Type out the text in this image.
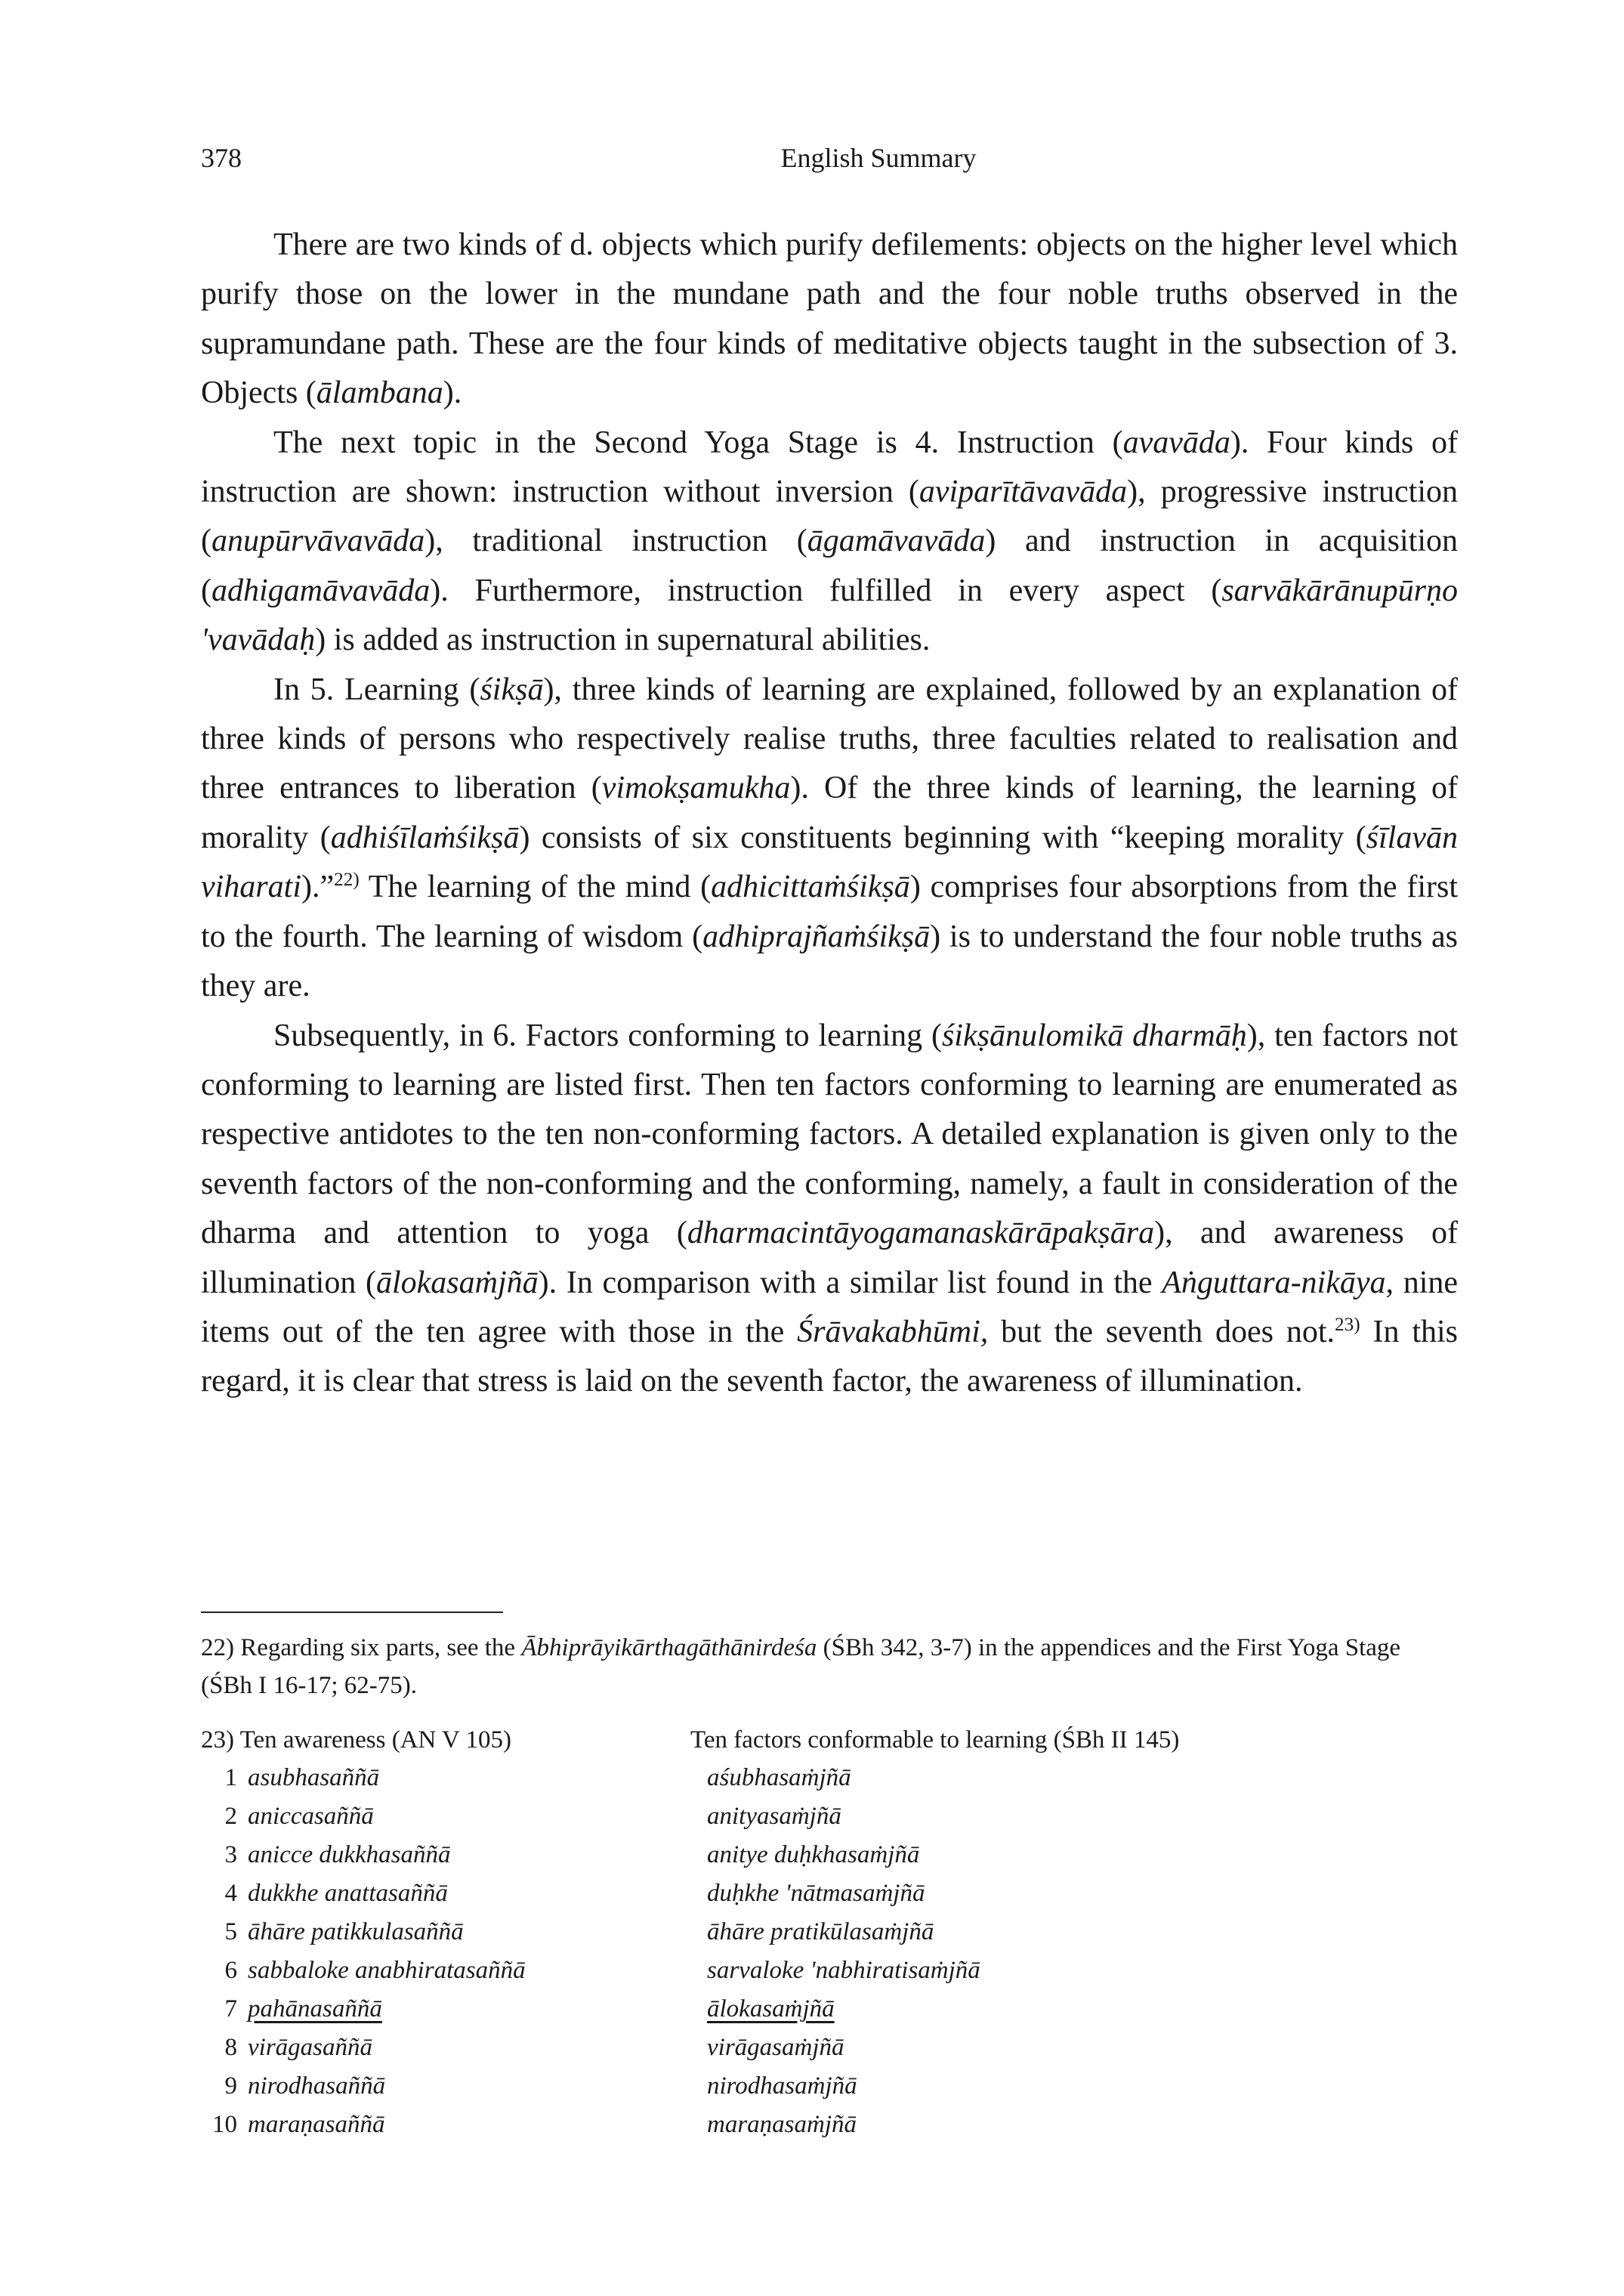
378	English Summary

There are two kinds of d. objects which purify defilements: objects on the higher level which purify those on the lower in the mundane path and the four noble truths observed in the supramundane path. These are the four kinds of meditative objects taught in the subsection of 3. Objects (ālambana).

The next topic in the Second Yoga Stage is 4. Instruction (avavāda). Four kinds of instruction are shown: instruction without inversion (aviparītāvavāda), progressive instruction (anupūrvāvavāda), traditional instruction (āgamāvavāda) and instruction in acquisition (adhigamāvavāda). Furthermore, instruction fulfilled in every aspect (sarvākārānupūrṇo 'vavādaḥ) is added as instruction in supernatural abilities.

In 5. Learning (śikṣā), three kinds of learning are explained, followed by an explanation of three kinds of persons who respectively realise truths, three faculties related to realisation and three entrances to liberation (vimokṣamukha). Of the three kinds of learning, the learning of morality (adhiśīlaṁśikṣā) consists of six constituents beginning with “keeping morality (śīlavān viharati).”$^{22)}$ The learning of the mind (adhicittaṁśikṣā) comprises four absorptions from the first to the fourth. The learning of wisdom (adhiprajñaṁśikṣā) is to understand the four noble truths as they are.

Subsequently, in 6. Factors conforming to learning (śikṣānulomikā dharmāḥ), ten factors not conforming to learning are listed first. Then ten factors conforming to learning are enumerated as respective antidotes to the ten non-conforming factors. A detailed explanation is given only to the seventh factors of the non-conforming and the conforming, namely, a fault in consideration of the dharma and attention to yoga (dharmacintāyogamanaskārāpakṣāra), and awareness of illumination (ālokasaṁjñā). In comparison with a similar list found in the Aṅguttara-nikāya, nine items out of the ten agree with those in the Śrāvakabhūmi, but the seventh does not.$^{23)}$ In this regard, it is clear that stress is laid on the seventh factor, the awareness of illumination.

22) Regarding six parts, see the Ābhiprāyikārthagāthānirdeśa (ŚBh 342, 3-7) in the appendices and the First Yoga Stage (ŚBh I 16-17; 62-75).

23) Ten awareness (AN V 105)	Ten factors conformable to learning (ŚBh II 145)
1 asubhasaññā	aśubhasaṁjñā
2 aniccasaññā	anityasaṁjñā
3 anicce dukkhasaññā	anitye duḥkhasaṁjñā
4 dukkhe anattasaññā	duḥkhe 'nātmasaṁjñā
5 āhāre patikkulasaññā	āhāre pratikūlasaṁjñā
6 sabbaloke anabhiratasaññā	sarvaloke 'nabhiratisaṁjñā
7 pahānasaññā	ālokasaṁjñā
8 virāgasaññā	virāgasaṁjñā
9 nirodhasaññā	nirodhasaṁjñā
10 maraṇasaññā	maraṇasaṁjñā
